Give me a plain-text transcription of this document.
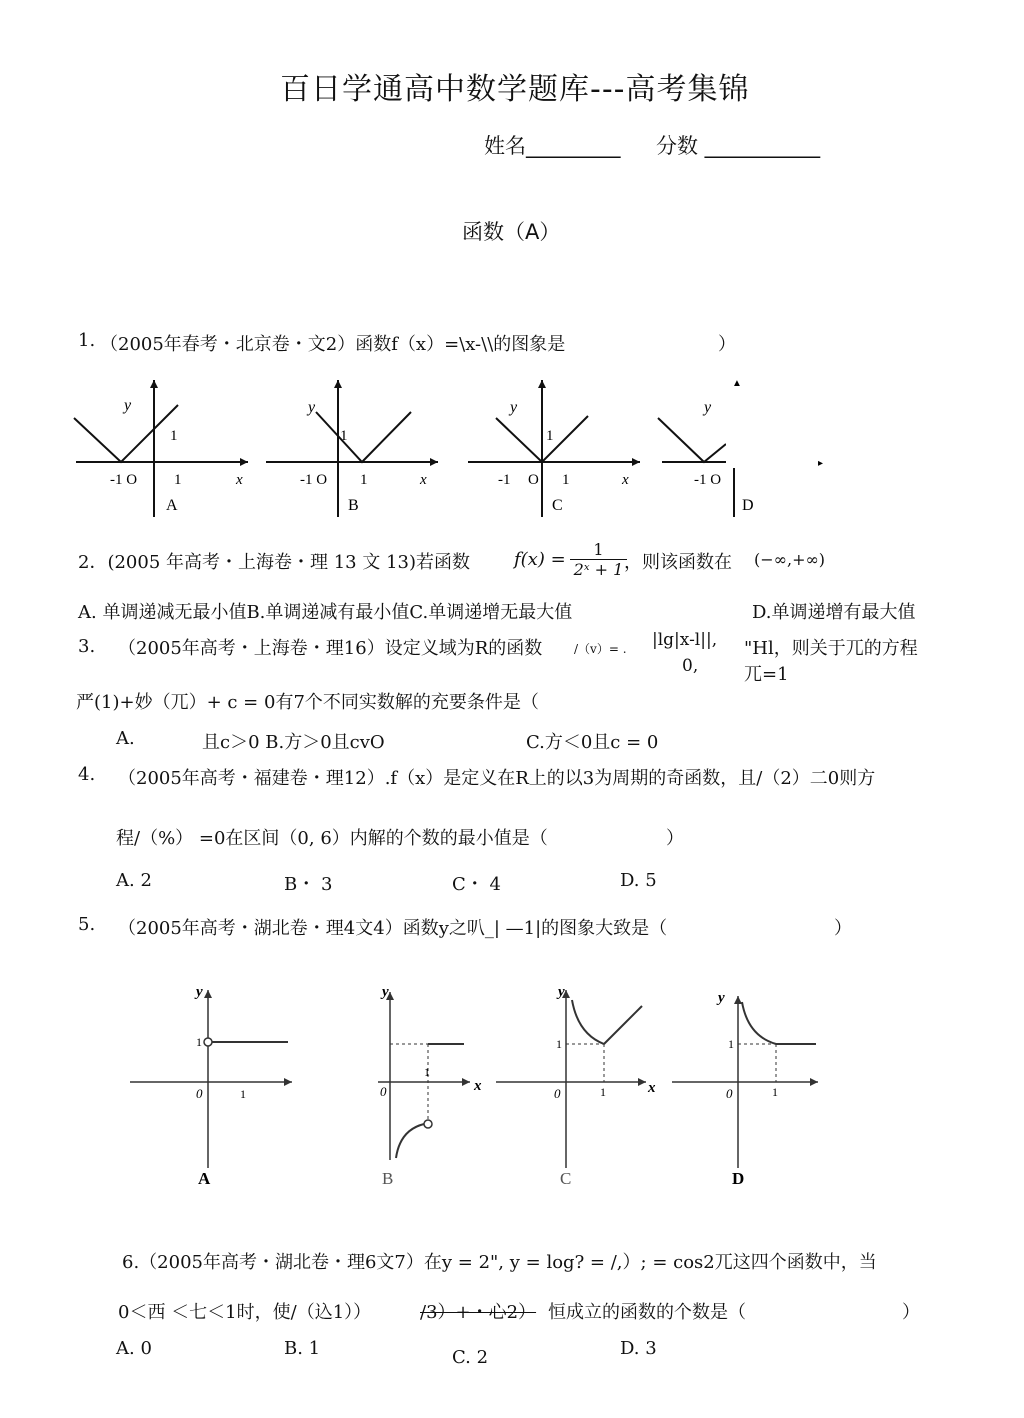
百日学通高中数学题库---高考集锦
姓名_________ 分数 ___________
函数（A）
1. （2005年春考・北京卷・文2）函数f（x）=\x-\\的图象是	）
y
1
-1 O 1	x
A
y
1
-1 O 1	x
B
y
1
-1 O 1	x
C
▲
y
-1 O
▸
D
2．(2005 年高考・上海卷・理 13 文 13)若函数 $f(x) = \frac{1}{\text{2ˣ + 1}}$
，则该函数在 (−∞,+∞)
A. 单调递减无最小值B.单调递减有最小值C.单调递增无最大值	D.单调递增有最大值
3. （2005年高考・上海卷・理16）设定义域为R的函数	/（v）= . |lg|x-l||,
0,
"Hl，则关于兀的方程
兀=1
严(1)+妙（兀）+ c = 0有7个不同实数解的充要条件是（
A.	且c＞0 B.方＞0且cvO	C.方＜0且c = 0
4. （2005年高考・福建卷・理12）.f（x）是定义在R上的以3为周期的奇函数，且/（2）二0则方
程/（%） =0在区间（0, 6）内解的个数的最小值是（	）
A. 2	B・ 3	C・ 4	D. 5
5. （2005年高考・湖北卷・理4文4）函数y之叭_| —1|的图象大致是（	）
y
1
0	1
A
y
1
x
0
B
y
1
0	1	x
C
y
1
0	1
D
6.（2005年高考・湖北卷・理6文7）在y = 2", y = log? = /,）; = cos2兀这四个函数中，当
0＜西 ＜七＜1时，使/（込1））	/3）+・心2） 恒成立的函数的个数是（	）
A. 0	B. 1	C. 2	D. 3
